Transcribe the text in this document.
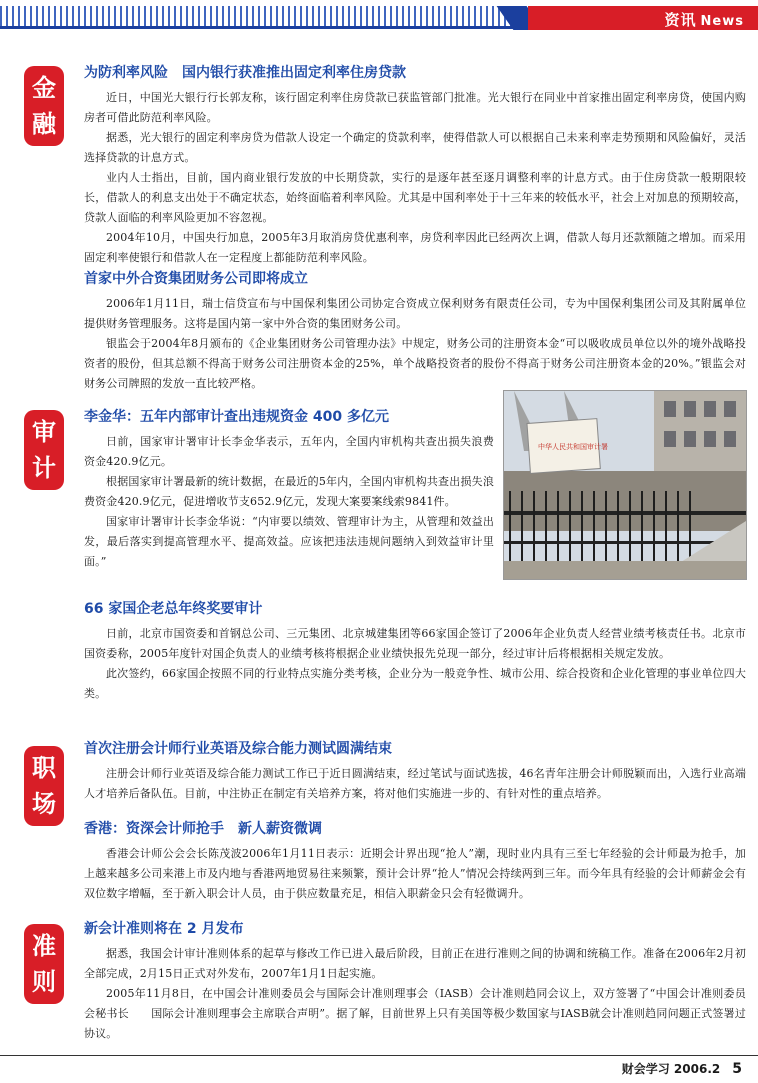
资讯 News
金
融
审
计
职
场
准
则
为防利率风险　国内银行获准推出固定利率住房贷款

近日，中国光大银行行长郭友称，该行固定利率住房贷款已获监管部门批准。光大银行在同业中首家推出固定利率房贷，使国内购房者可借此防范利率风险。

据悉，光大银行的固定利率房贷为借款人设定一个确定的贷款利率，使得借款人可以根据自己未来利率走势预期和风险偏好，灵活选择贷款的计息方式。

业内人士指出，目前，国内商业银行发放的中长期贷款，实行的是逐年甚至逐月调整利率的计息方式。由于住房贷款一般期限较长，借款人的利息支出处于不确定状态，始终面临着利率风险。尤其是中国利率处于十三年来的较低水平，社会上对加息的预期较高，贷款人面临的利率风险更加不容忽视。

2004年10月，中国央行加息，2005年3月取消房贷优惠利率，房贷利率因此已经两次上调，借款人每月还款额随之增加。而采用固定利率使银行和借款人在一定程度上都能防范利率风险。

首家中外合资集团财务公司即将成立

2006年1月11日，瑞士信贷宣布与中国保利集团公司协定合资成立保利财务有限责任公司，专为中国保利集团公司及其附属单位提供财务管理服务。这将是国内第一家中外合资的集团财务公司。

银监会于2004年8月颁布的《企业集团财务公司管理办法》中规定，财务公司的注册资本金“可以吸收成员单位以外的境外战略投资者的股份，但其总额不得高于财务公司注册资本金的25%，单个战略投资者的股份不得高于财务公司注册资本金的20%。”银监会对财务公司牌照的发放一直比较严格。

李金华：五年内部审计查出违规资金 400 多亿元

日前，国家审计署审计长李金华表示，五年内，全国内审机构共查出损失浪费资金420.9亿元。

根据国家审计署最新的统计数据，在最近的5年内，全国内审机构共查出损失浪费资金420.9亿元，促进增收节支652.9亿元，发现大案要案线索9841件。

国家审计署审计长李金华说：“内审要以绩效、管理审计为主，从管理和效益出发，最后落实到提高管理水平、提高效益。应该把违法违规问题纳入到效益审计里面。”

中华人民共和国审计署
66 家国企老总年终奖要审计

日前，北京市国资委和首钢总公司、三元集团、北京城建集团等66家国企签订了2006年企业负责人经营业绩考核责任书。北京市国资委称，2005年度针对国企负责人的业绩考核将根据企业业绩快报先兑现一部分，经过审计后将根据相关规定发放。

此次签约，66家国企按照不同的行业特点实施分类考核，企业分为一般竞争性、城市公用、综合投资和企业化管理的事业单位四大类。

首次注册会计师行业英语及综合能力测试圆满结束

注册会计师行业英语及综合能力测试工作已于近日圆满结束，经过笔试与面试选拔，46名青年注册会计师脱颖而出，入选行业高端人才培养后备队伍。目前，中注协正在制定有关培养方案，将对他们实施进一步的、有针对性的重点培养。

香港：资深会计师抢手　新人薪资微调

香港会计师公会会长陈茂波2006年1月11日表示：近期会计界出现“抢人”潮，现时业内具有三至七年经验的会计师最为抢手，加上越来越多公司来港上市及内地与香港两地贸易往来频繁，预计会计界“抢人”情况会持续两到三年。而今年具有经验的会计师薪金会有双位数字增幅，至于新入职会计人员，由于供应数量充足，相信入职薪金只会有轻微调升。

新会计准则将在 2 月发布

据悉，我国会计审计准则体系的起草与修改工作已进入最后阶段，目前正在进行准则之间的协调和统稿工作。准备在2006年2月初全部完成，2月15日正式对外发布，2007年1月1日起实施。

2005年11月8日，在中国会计准则委员会与国际会计准则理事会（IASB）会计准则趋同会议上，双方签署了“中国会计准则委员会秘书长　　国际会计准则理事会主席联合声明”。据了解，目前世界上只有美国等极少数国家与IASB就会计准则趋同问题正式签署过协议。

财会学习 2006.2 5
